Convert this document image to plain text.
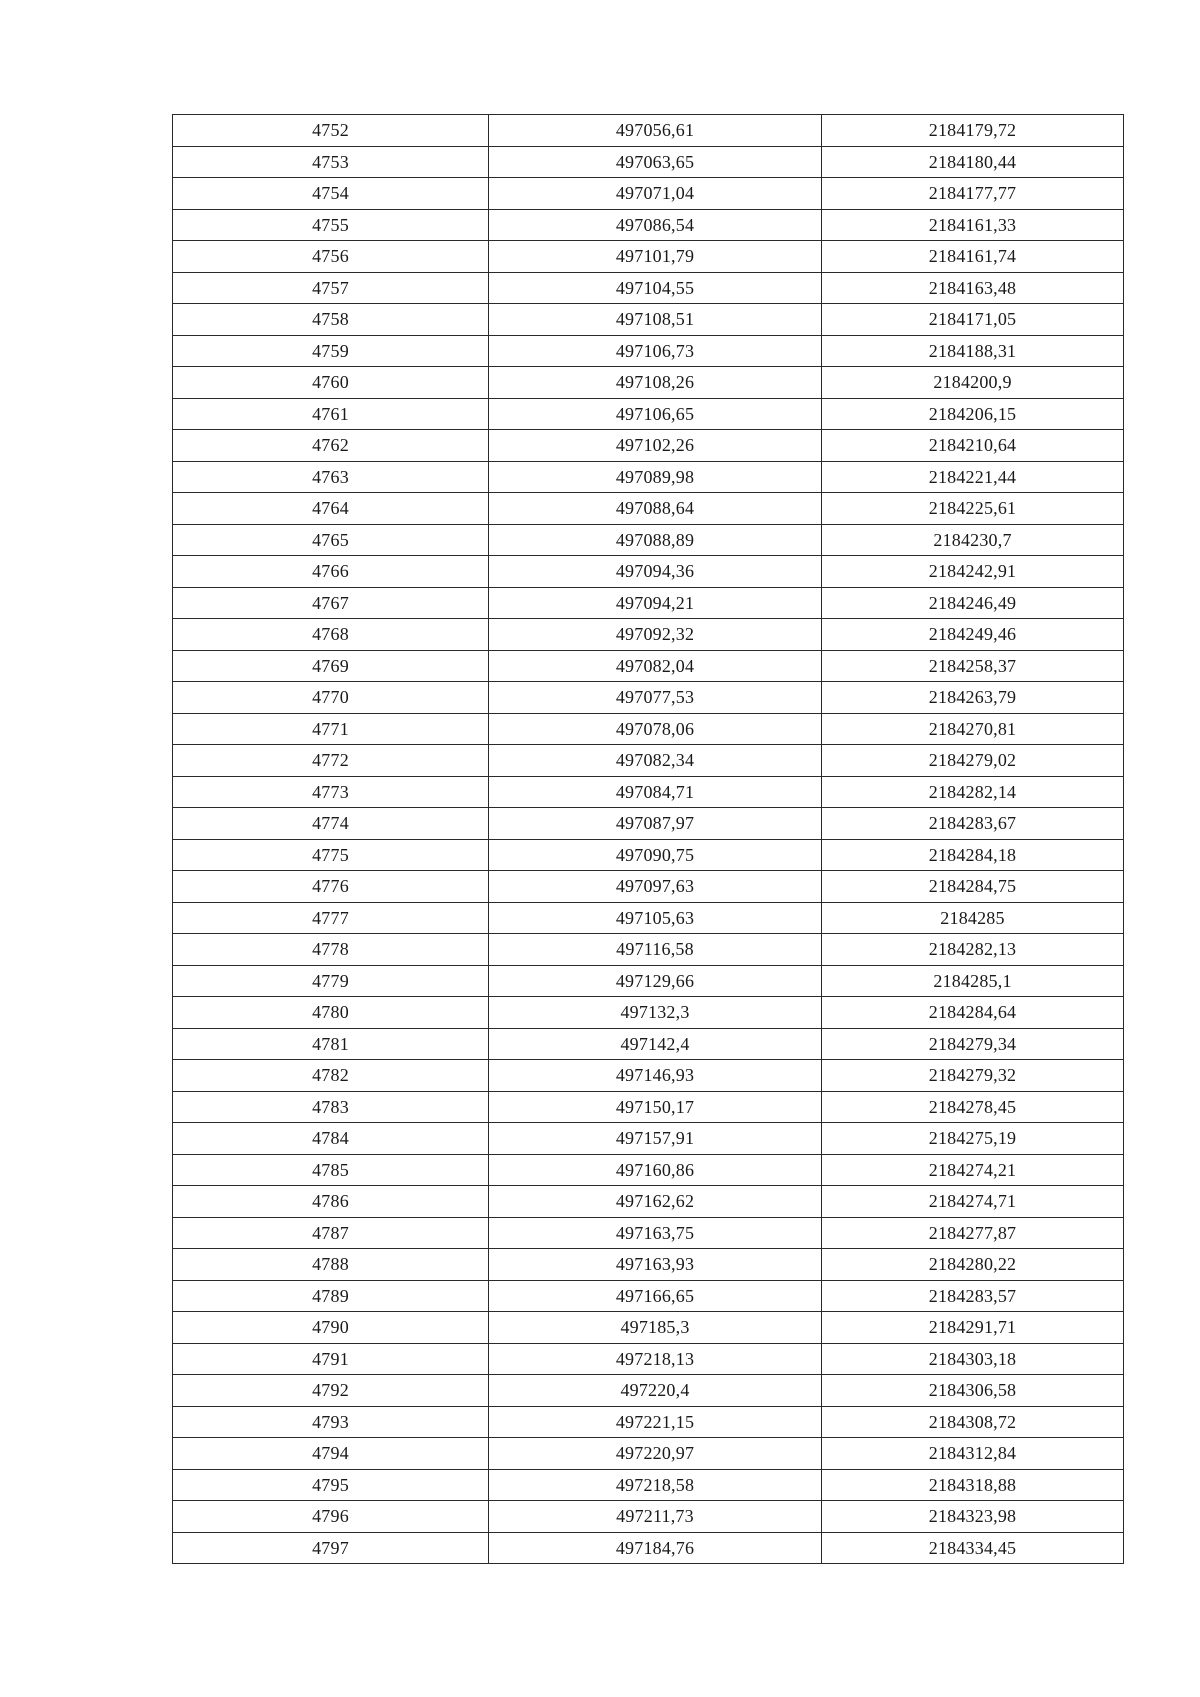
4752	497056,61	2184179,72
4753	497063,65	2184180,44
4754	497071,04	2184177,77
4755	497086,54	2184161,33
4756	497101,79	2184161,74
4757	497104,55	2184163,48
4758	497108,51	2184171,05
4759	497106,73	2184188,31
4760	497108,26	2184200,9
4761	497106,65	2184206,15
4762	497102,26	2184210,64
4763	497089,98	2184221,44
4764	497088,64	2184225,61
4765	497088,89	2184230,7
4766	497094,36	2184242,91
4767	497094,21	2184246,49
4768	497092,32	2184249,46
4769	497082,04	2184258,37
4770	497077,53	2184263,79
4771	497078,06	2184270,81
4772	497082,34	2184279,02
4773	497084,71	2184282,14
4774	497087,97	2184283,67
4775	497090,75	2184284,18
4776	497097,63	2184284,75
4777	497105,63	2184285
4778	497116,58	2184282,13
4779	497129,66	2184285,1
4780	497132,3	2184284,64
4781	497142,4	2184279,34
4782	497146,93	2184279,32
4783	497150,17	2184278,45
4784	497157,91	2184275,19
4785	497160,86	2184274,21
4786	497162,62	2184274,71
4787	497163,75	2184277,87
4788	497163,93	2184280,22
4789	497166,65	2184283,57
4790	497185,3	2184291,71
4791	497218,13	2184303,18
4792	497220,4	2184306,58
4793	497221,15	2184308,72
4794	497220,97	2184312,84
4795	497218,58	2184318,88
4796	497211,73	2184323,98
4797	497184,76	2184334,45
